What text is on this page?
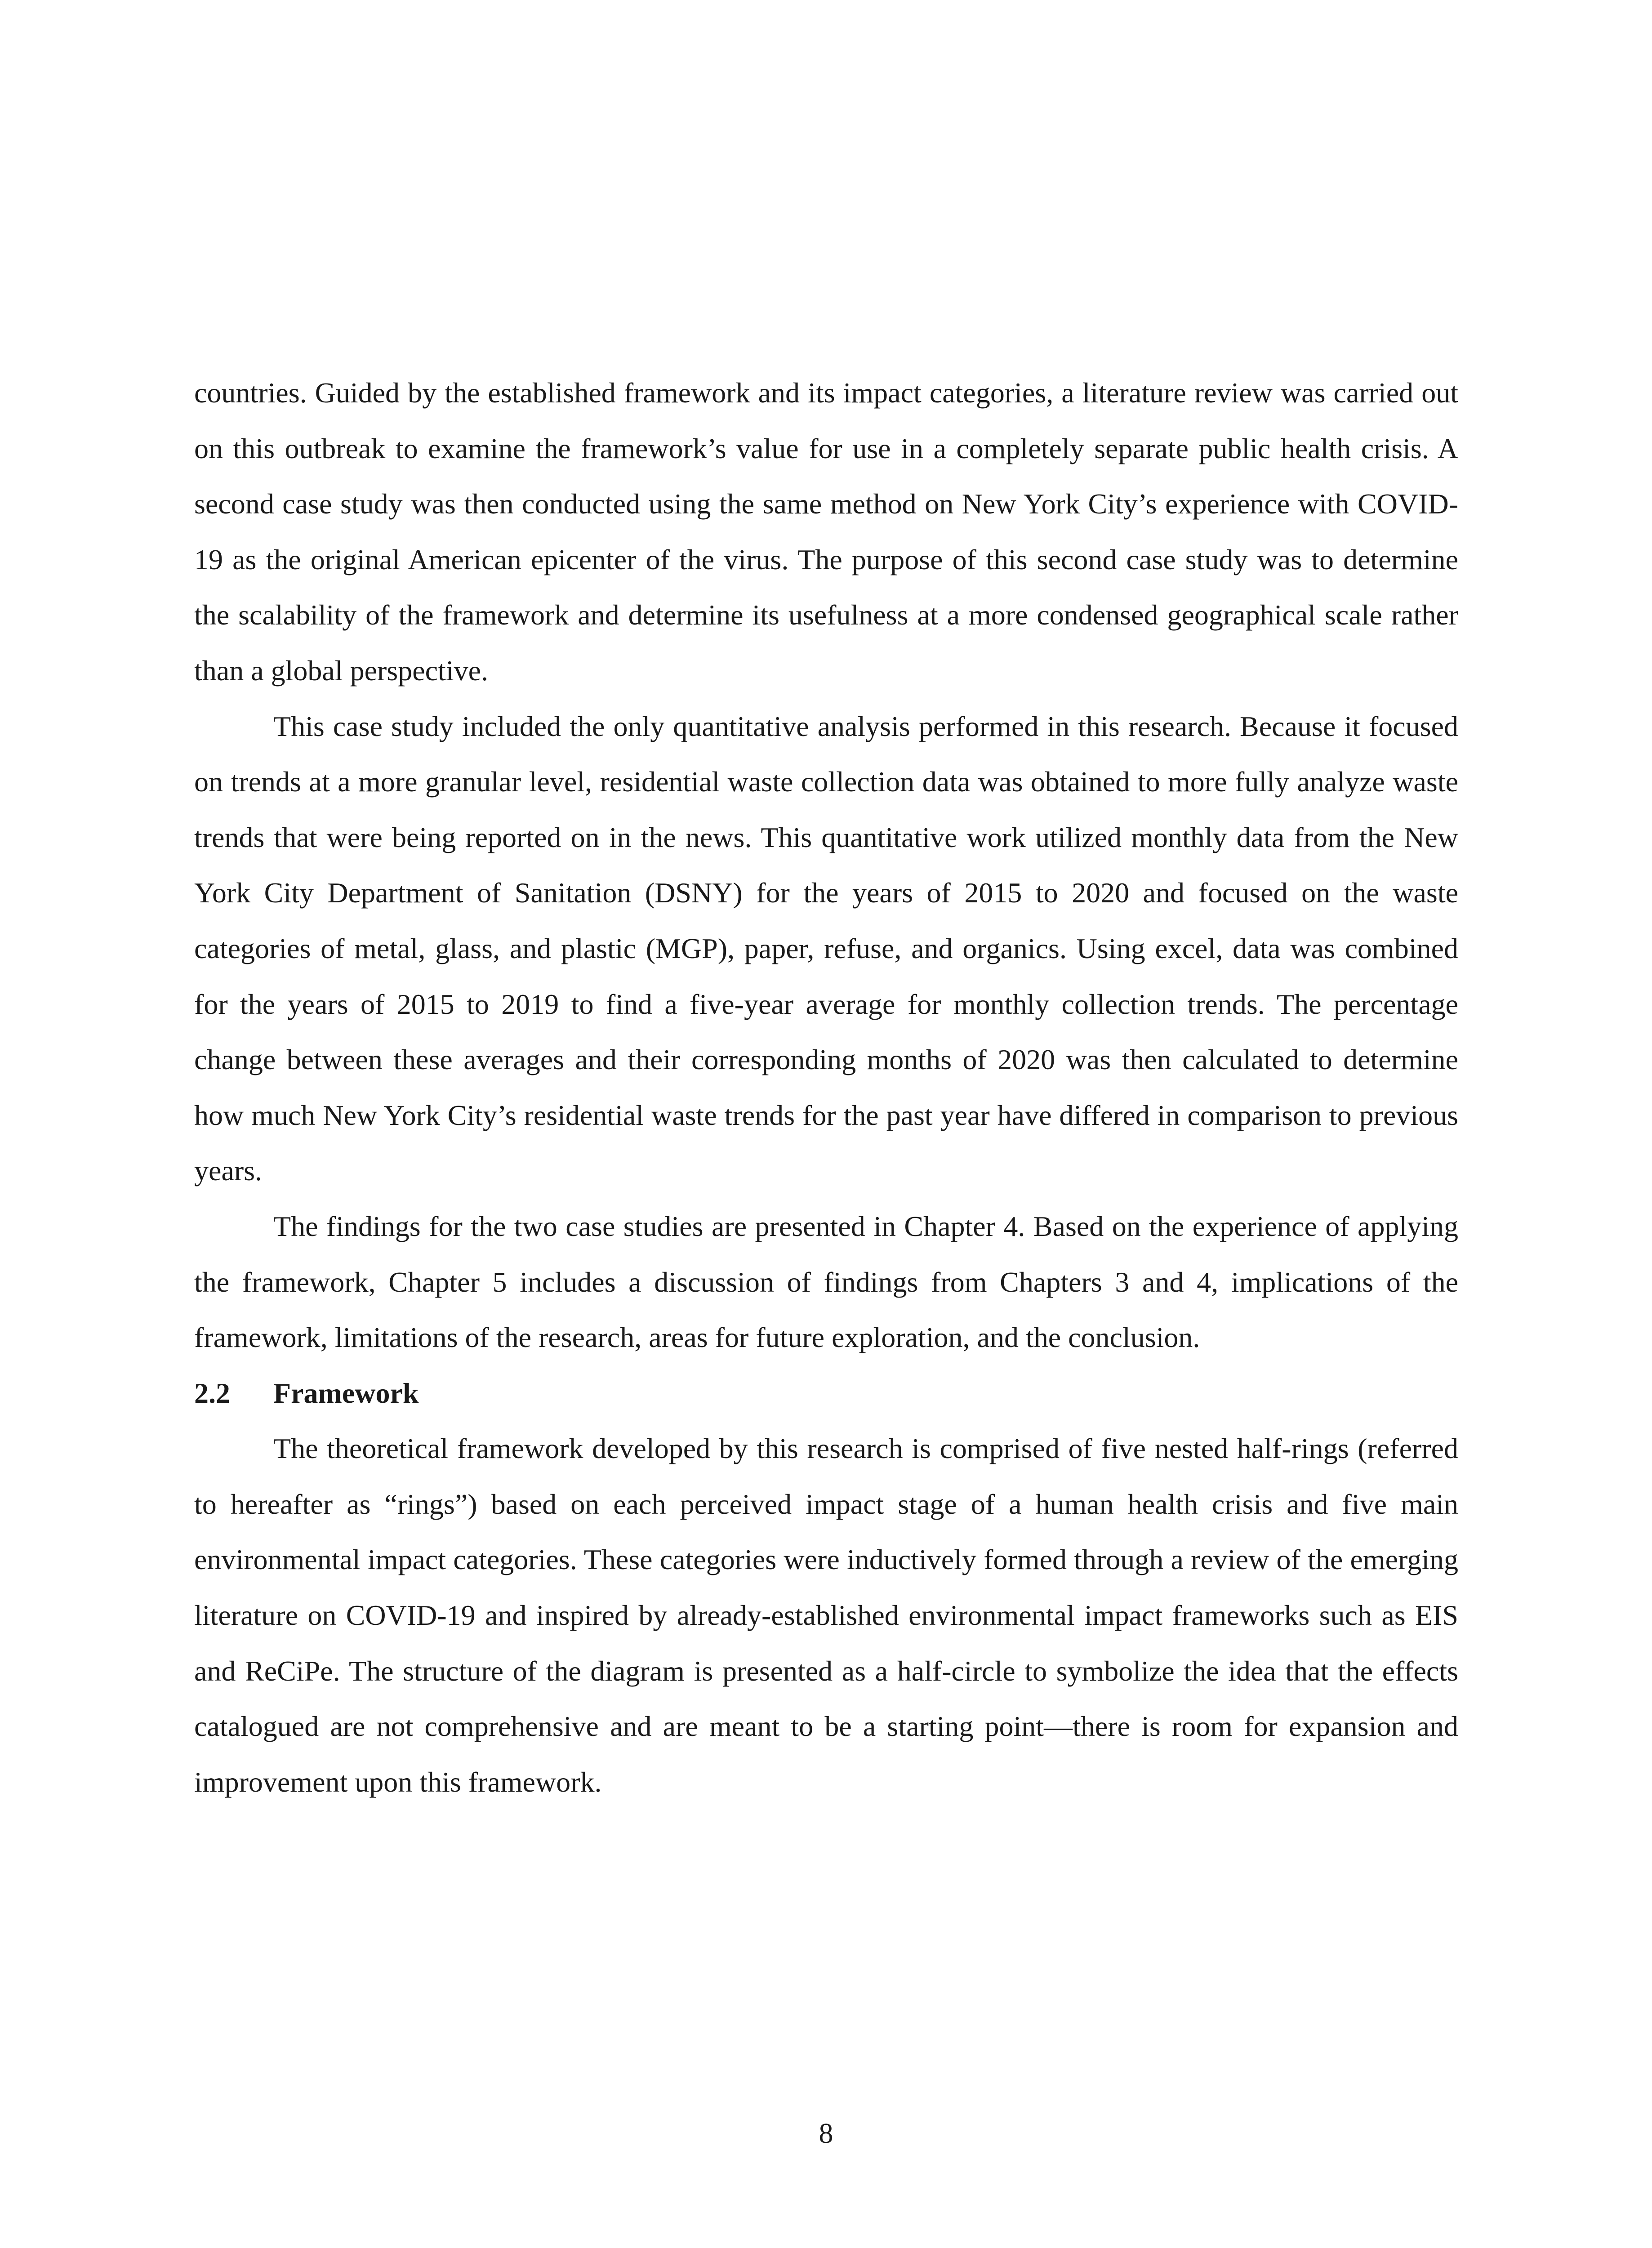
countries. Guided by the established framework and its impact categories, a literature review was carried out on this outbreak to examine the framework’s value for use in a completely separate public health crisis. A second case study was then conducted using the same method on New York City’s experience with COVID-19 as the original American epicenter of the virus. The purpose of this second case study was to determine the scalability of the framework and determine its usefulness at a more condensed geographical scale rather than a global perspective.

This case study included the only quantitative analysis performed in this research. Because it focused on trends at a more granular level, residential waste collection data was obtained to more fully analyze waste trends that were being reported on in the news. This quantitative work utilized monthly data from the New York City Department of Sanitation (DSNY) for the years of 2015 to 2020 and focused on the waste categories of metal, glass, and plastic (MGP), paper, refuse, and organics. Using excel, data was combined for the years of 2015 to 2019 to find a five-year average for monthly collection trends. The percentage change between these averages and their corresponding months of 2020 was then calculated to determine how much New York City’s residential waste trends for the past year have differed in comparison to previous years.

The findings for the two case studies are presented in Chapter 4. Based on the experience of applying the framework, Chapter 5 includes a discussion of findings from Chapters 3 and 4, implications of the framework, limitations of the research, areas for future exploration, and the conclusion.

2.2 Framework

The theoretical framework developed by this research is comprised of five nested half-rings (referred to hereafter as “rings”) based on each perceived impact stage of a human health crisis and five main environmental impact categories. These categories were inductively formed through a review of the emerging literature on COVID-19 and inspired by already-established environmental impact frameworks such as EIS and ReCiPe. The structure of the diagram is presented as a half-circle to symbolize the idea that the effects catalogued are not comprehensive and are meant to be a starting point—there is room for expansion and improvement upon this framework.

8
